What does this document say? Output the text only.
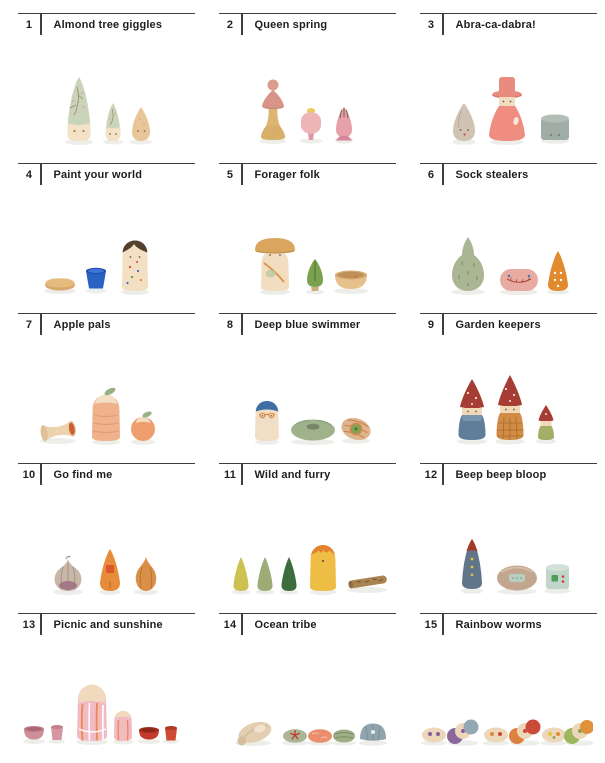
1	Almond tree giggles	2	Queen spring	3	Abra-ca-dabra!
4	Paint your world	5	Forager folk	6	Sock stealers
7	Apple pals	8	Deep blue swimmer	9	Garden keepers
10	Go find me	11	Wild and furry	12	Beep beep bloop
13	Picnic and sunshine	14	Ocean tribe	15	Rainbow worms
